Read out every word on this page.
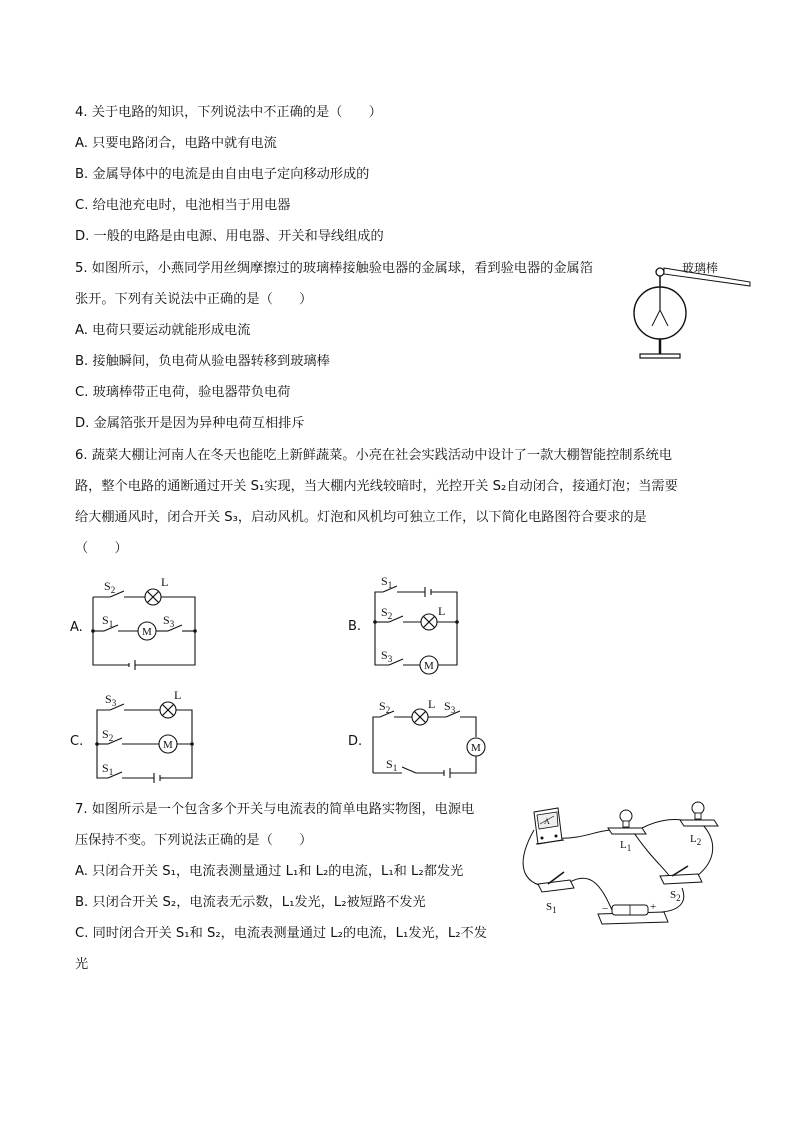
4. 关于电路的知识，下列说法中不正确的是（　　）
A. 只要电路闭合，电路中就有电流
B. 金属导体中的电流是由自由电子定向移动形成的
C. 给电池充电时，电池相当于用电器
D. 一般的电路是由电源、用电器、开关和导线组成的
5. 如图所示，小燕同学用丝绸摩擦过的玻璃棒接触验电器的金属球，看到验电器的金属箔
张开。下列有关说法中正确的是（　　）
A. 电荷只要运动就能形成电流
B. 接触瞬间，负电荷从验电器转移到玻璃棒
C. 玻璃棒带正电荷，验电器带负电荷
D. 金属箔张开是因为异种电荷互相排斥
玻璃棒
6. 蔬菜大棚让河南人在冬天也能吃上新鲜蔬菜。小亮在社会实践活动中设计了一款大棚智能控制系统电
路，整个电路的通断通过开关 S₁实现，当大棚内光线较暗时，光控开关 S₂自动闭合，接通灯泡；当需要
给大棚通风时，闭合开关 S₃，启动风机。灯泡和风机均可独立工作，以下简化电路图符合要求的是
（　　）
A.	B.
C.	D.
$S_2$
L
$S_1$
M
$S_3$
$S_1$
$S_2$	L
$S_3$
M
$S_3$
L
$S_2$
M
$S_1$
$S_2$	L $S_3$
M
$S_1$
7. 如图所示是一个包含多个开关与电流表的简单电路实物图，电源电
压保持不变。下列说法正确的是（　　）
A. 只闭合开关 S₁，电流表测量通过 L₁和 L₂的电流，L₁和 L₂都发光
B. 只闭合开关 S₂，电流表无示数，L₁发光，L₂被短路不发光
C. 同时闭合开关 S₁和 S₂，电流表测量通过 L₂的电流，L₁发光，L₂不发
光
A
$L_1$
$L_2$
$S_1$
$S_2$
−	+
